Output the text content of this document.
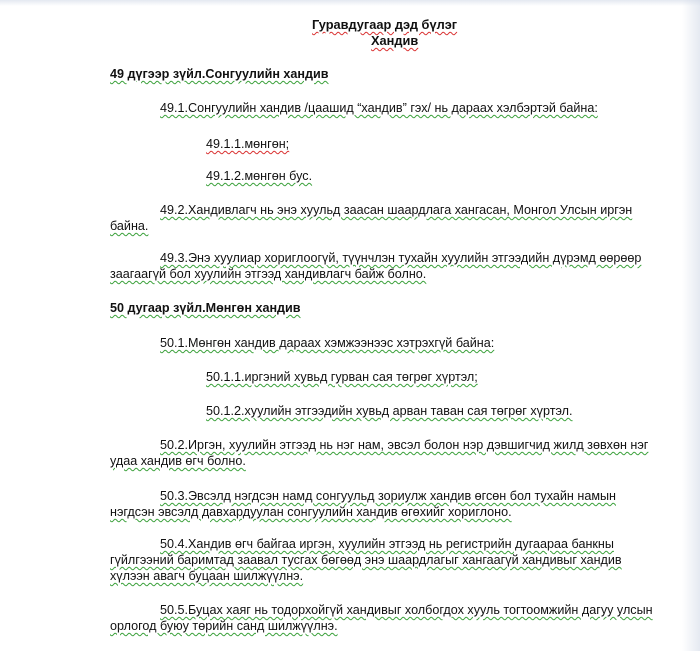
Гуравдугаар дэд бүлэг
Хандив
49 дүгээр зүйл.Сонгуулийн хандив
49.1.Сонгуулийн хандив /цаашид “хандив” гэх/ нь дараах хэлбэртэй байна:
49.1.1.мөнгөн;
49.1.2.мөнгөн бус.
49.2.Хандивлагч нь энэ хуульд заасан шаардлага хангасан, Монгол Улсын иргэн
байна.
49.3.Энэ хуулиар хориглоогүй, түүнчлэн тухайн хуулийн этгээдийн дүрэмд өөрөөр
заагаагүй бол хуулийн этгээд хандивлагч байж болно.
50 дугаар зүйл.Мөнгөн хандив
50.1.Мөнгөн хандив дараах хэмжээнээс хэтрэхгүй байна:
50.1.1.иргэний хувьд гурван сая төгрөг хүртэл;
50.1.2.хуулийн этгээдийн хувьд арван таван сая төгрөг хүртэл.
50.2.Иргэн, хуулийн этгээд нь нэг нам, эвсэл болон нэр дэвшигчид жилд зөвхөн нэг
удаа хандив өгч болно.
50.3.Эвсэлд нэгдсэн намд сонгуульд зориулж хандив өгсөн бол тухайн намын
нэгдсэн эвсэлд давхардуулан сонгуулийн хандив өгөхийг хориглоно.
50.4.Хандив өгч байгаа иргэн, хуулийн этгээд нь регистрийн дугаараа банкны
гүйлгээний баримтад заавал тусгах бөгөөд энэ шаардлагыг хангаагүй хандивыг хандив
хүлээн авагч буцаан шилжүүлнэ.
50.5.Буцах хаяг нь тодорхойгүй хандивыг холбогдох хууль тогтоомжийн дагуу улсын
орлогод буюу төрийн санд шилжүүлнэ.
